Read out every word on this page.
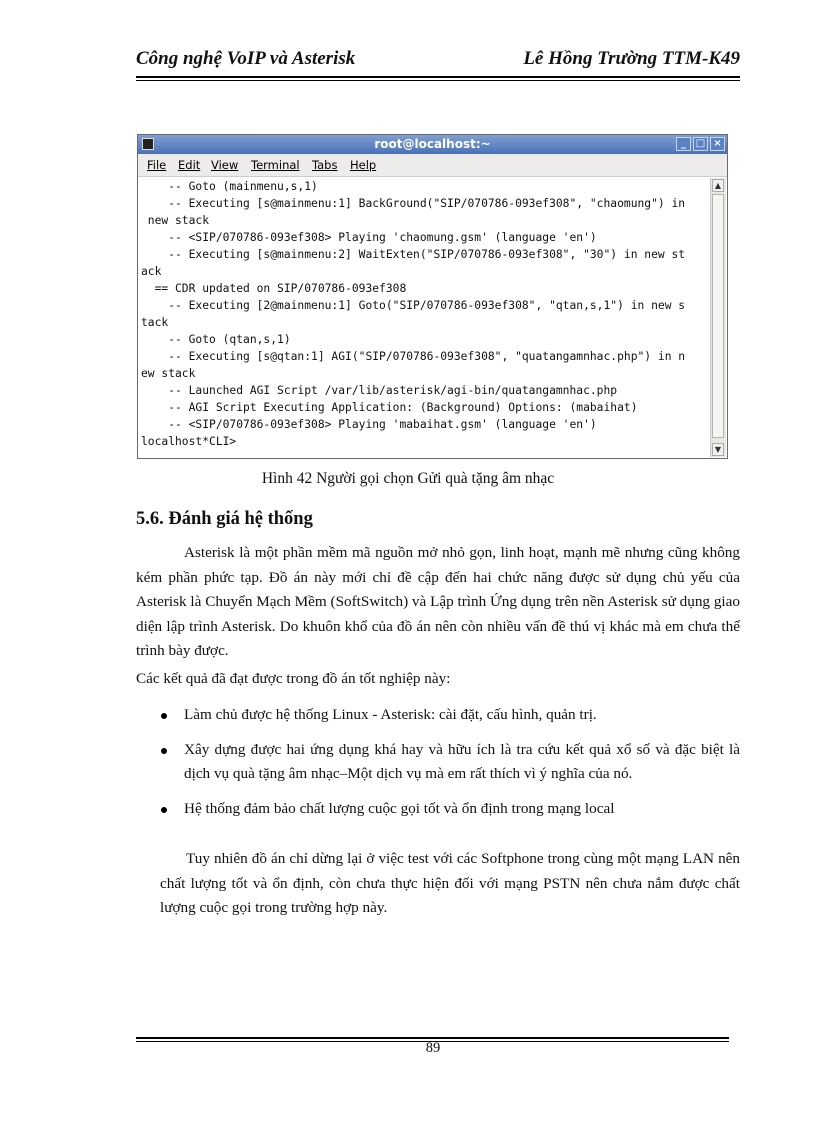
Công nghệ VoIP và Asterisk	Lê Hồng Trường TTM-K49
root@localhost:~	_ □ ×
File Edit View Terminal Tabs Help
-- Goto (mainmenu,s,1)
-- Executing [s@mainmenu:1] BackGround("SIP/070786-093ef308", "chaomung") in
new stack
-- <SIP/070786-093ef308> Playing 'chaomung.gsm' (language 'en')
-- Executing [s@mainmenu:2] WaitExten("SIP/070786-093ef308", "30") in new st
ack
== CDR updated on SIP/070786-093ef308
-- Executing [2@mainmenu:1] Goto("SIP/070786-093ef308", "qtan,s,1") in new s
tack
-- Goto (qtan,s,1)
-- Executing [s@qtan:1] AGI("SIP/070786-093ef308", "quatangamnhac.php") in n
ew stack
-- Launched AGI Script /var/lib/asterisk/agi-bin/quatangamnhac.php
-- AGI Script Executing Application: (Background) Options: (mabaihat)
-- <SIP/070786-093ef308> Playing 'mabaihat.gsm' (language 'en')
localhost*CLI>
▲
▼
Hình 42 Người gọi chọn Gửi quà tặng âm nhạc
5.6. Đánh giá hệ thống
Asterisk là một phần mềm mã nguồn mở nhỏ gọn, linh hoạt, mạnh mẽ nhưng cũng không kém phần phức tạp. Đồ án này mới chỉ đề cập đến hai chức năng được sử dụng chủ yếu của Asterisk là Chuyển Mạch Mềm (SoftSwitch) và Lập trình Ứng dụng trên nền Asterisk sử dụng giao diện lập trình Asterisk. Do khuôn khổ của đồ án nên còn nhiều vấn đề thú vị khác mà em chưa thể trình bày được.
Các kết quả đã đạt được trong đồ án tốt nghiệp này:
Làm chủ được hệ thống Linux - Asterisk: cài đặt, cấu hình, quản trị.
Xây dựng được hai ứng dụng khá hay và hữu ích là tra cứu kết quả xổ số và đặc biệt là dịch vụ quà tặng âm nhạc–Một dịch vụ mà em rất thích vì ý nghĩa của nó.
Hệ thống đảm bảo chất lượng cuộc gọi tốt và ổn định trong mạng local
Tuy nhiên đồ án chỉ dừng lại ở việc test với các Softphone trong cùng một mạng LAN nên chất lượng tốt và ổn định, còn chưa thực hiện đối với mạng PSTN nên chưa nắm được chất lượng cuộc gọi trong trường hợp này.
89
